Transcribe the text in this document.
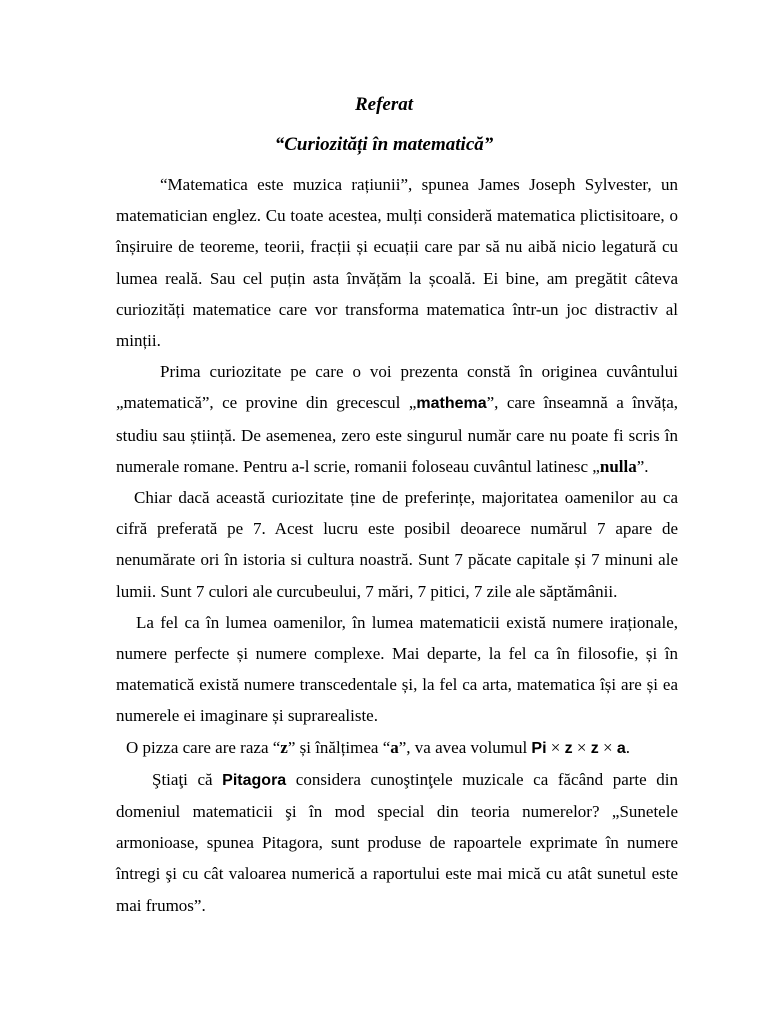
Referat
“Curiozități în matematică”

“Matematica este muzica rațiunii”, spunea James Joseph Sylvester, un matematician englez. Cu toate acestea, mulți consideră matematica plictisitoare, o înșiruire de teoreme, teorii, fracții și ecuații care par să nu aibă nicio legatură cu lumea reală. Sau cel puțin asta învățăm la școală. Ei bine, am pregătit câteva curiozități matematice care vor transforma matematica într-un joc distractiv al minții.

Prima curiozitate pe care o voi prezenta constă în originea cuvântului „matematică”, ce provine din grecescul „mathema”, care înseamnă a învăța, studiu sau știință. De asemenea, zero este singurul număr care nu poate fi scris în numerale romane. Pentru a-l scrie, romanii foloseau cuvântul latinesc „nulla”.

Chiar dacă această curiozitate ține de preferințe, majoritatea oamenilor au ca cifră preferată pe 7. Acest lucru este posibil deoarece numărul 7 apare de nenumărate ori în istoria si cultura noastră. Sunt 7 păcate capitale și 7 minuni ale lumii. Sunt 7 culori ale curcubeului, 7 mări, 7 pitici, 7 zile ale săptămânii.

La fel ca în lumea oamenilor, în lumea matematicii există numere iraționale, numere perfecte și numere complexe. Mai departe, la fel ca în filosofie, și în matematică există numere transcedentale și, la fel ca arta, matematica își are și ea numerele ei imaginare și suprarealiste.

O pizza care are raza “z” și înălțimea “a”, va avea volumul Pi × z × z × a.

Ştiaţi că Pitagora considera cunoştinţele muzicale ca făcând parte din domeniul matematicii şi în mod special din teoria numerelor? „Sunetele armonioase, spunea Pitagora, sunt produse de rapoartele exprimate în numere întregi şi cu cât valoarea numerică a raportului este mai mică cu atât sunetul este mai frumos”.
